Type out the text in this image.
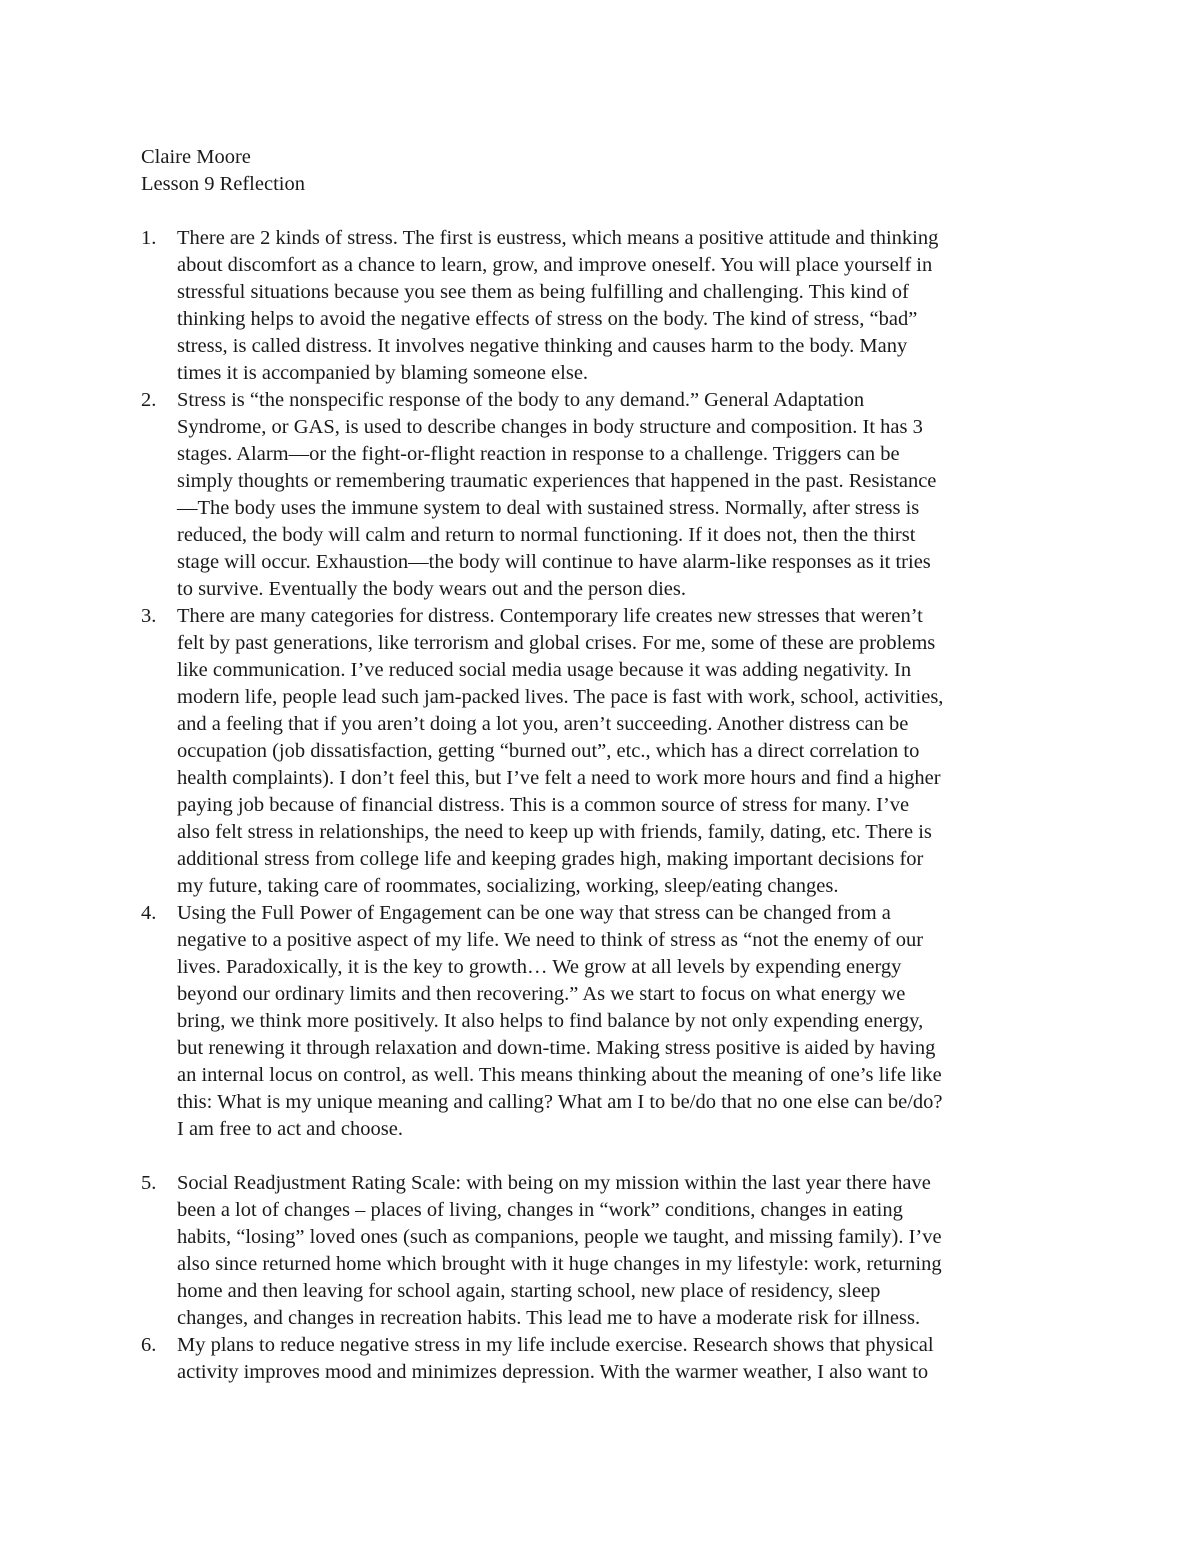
Claire Moore
Lesson 9 Reflection
1.	There are 2 kinds of stress. The first is eustress, which means a positive attitude and thinking
about discomfort as a chance to learn, grow, and improve oneself. You will place yourself in
stressful situations because you see them as being fulfilling and challenging. This kind of
thinking helps to avoid the negative effects of stress on the body. The kind of stress, “bad”
stress, is called distress. It involves negative thinking and causes harm to the body. Many
times it is accompanied by blaming someone else.
2.	Stress is “the nonspecific response of the body to any demand.” General Adaptation
Syndrome, or GAS, is used to describe changes in body structure and composition. It has 3
stages. Alarm—or the fight-or-flight reaction in response to a challenge. Triggers can be
simply thoughts or remembering traumatic experiences that happened in the past. Resistance
—The body uses the immune system to deal with sustained stress. Normally, after stress is
reduced, the body will calm and return to normal functioning. If it does not, then the thirst
stage will occur. Exhaustion—the body will continue to have alarm-like responses as it tries
to survive. Eventually the body wears out and the person dies.
3.	There are many categories for distress. Contemporary life creates new stresses that weren’t
felt by past generations, like terrorism and global crises. For me, some of these are problems
like communication. I’ve reduced social media usage because it was adding negativity. In
modern life, people lead such jam-packed lives. The pace is fast with work, school, activities,
and a feeling that if you aren’t doing a lot you, aren’t succeeding. Another distress can be
occupation (job dissatisfaction, getting “burned out”, etc., which has a direct correlation to
health complaints). I don’t feel this, but I’ve felt a need to work more hours and find a higher
paying job because of financial distress. This is a common source of stress for many. I’ve
also felt stress in relationships, the need to keep up with friends, family, dating, etc. There is
additional stress from college life and keeping grades high, making important decisions for
my future, taking care of roommates, socializing, working, sleep/eating changes.
4.	Using the Full Power of Engagement can be one way that stress can be changed from a
negative to a positive aspect of my life. We need to think of stress as “not the enemy of our
lives. Paradoxically, it is the key to growth… We grow at all levels by expending energy
beyond our ordinary limits and then recovering.” As we start to focus on what energy we
bring, we think more positively. It also helps to find balance by not only expending energy,
but renewing it through relaxation and down-time. Making stress positive is aided by having
an internal locus on control, as well. This means thinking about the meaning of one’s life like
this: What is my unique meaning and calling? What am I to be/do that no one else can be/do?
I am free to act and choose.
5.	Social Readjustment Rating Scale: with being on my mission within the last year there have
been a lot of changes – places of living, changes in “work” conditions, changes in eating
habits, “losing” loved ones (such as companions, people we taught, and missing family). I’ve
also since returned home which brought with it huge changes in my lifestyle: work, returning
home and then leaving for school again, starting school, new place of residency, sleep
changes, and changes in recreation habits. This lead me to have a moderate risk for illness.
6.	My plans to reduce negative stress in my life include exercise. Research shows that physical
activity improves mood and minimizes depression. With the warmer weather, I also want to
